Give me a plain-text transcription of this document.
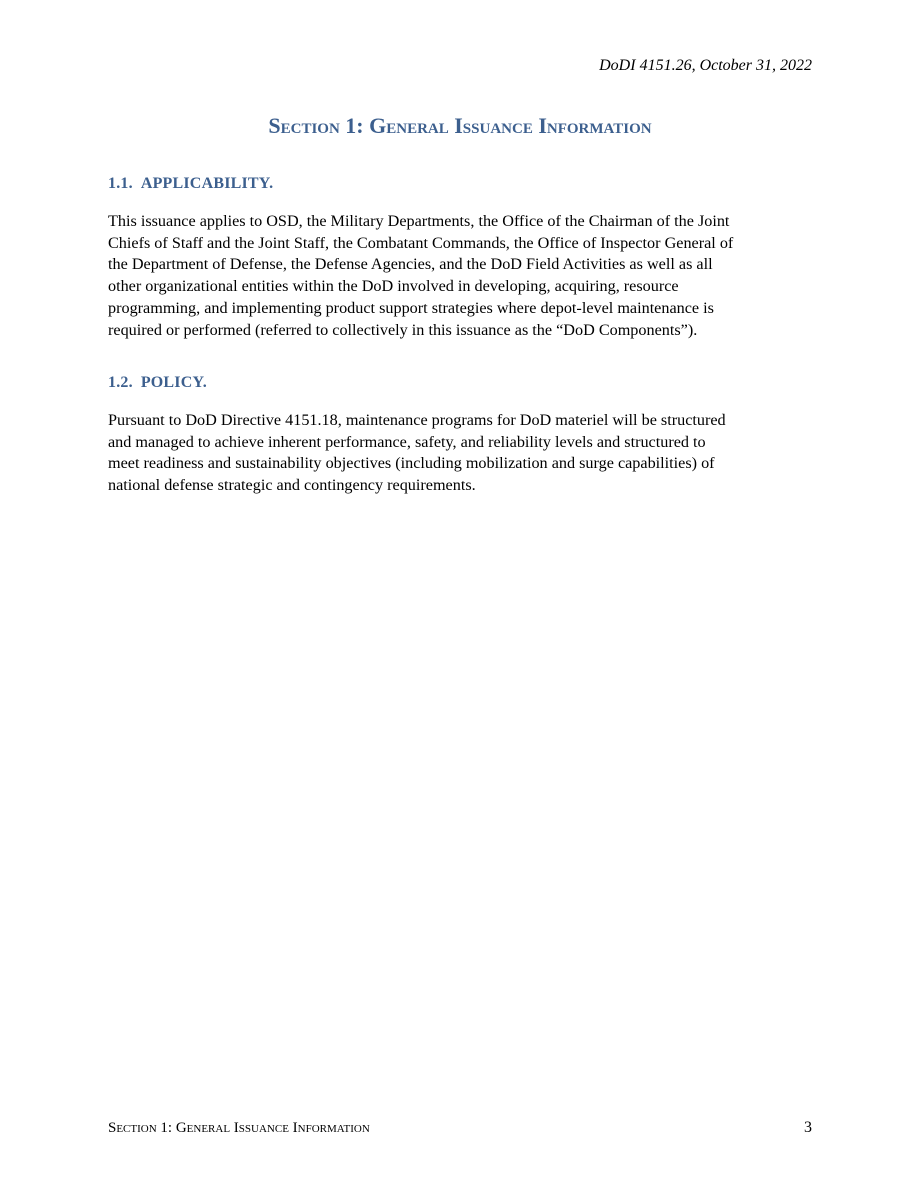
DoDI 4151.26, October 31, 2022
Section 1: General Issuance Information
1.1. APPLICABILITY.
This issuance applies to OSD, the Military Departments, the Office of the Chairman of the Joint
Chiefs of Staff and the Joint Staff, the Combatant Commands, the Office of Inspector General of
the Department of Defense, the Defense Agencies, and the DoD Field Activities as well as all
other organizational entities within the DoD involved in developing, acquiring, resource
programming, and implementing product support strategies where depot-level maintenance is
required or performed (referred to collectively in this issuance as the “DoD Components”).
1.2. POLICY.
Pursuant to DoD Directive 4151.18, maintenance programs for DoD materiel will be structured
and managed to achieve inherent performance, safety, and reliability levels and structured to
meet readiness and sustainability objectives (including mobilization and surge capabilities) of
national defense strategic and contingency requirements.
Section 1: General Issuance Information	3
